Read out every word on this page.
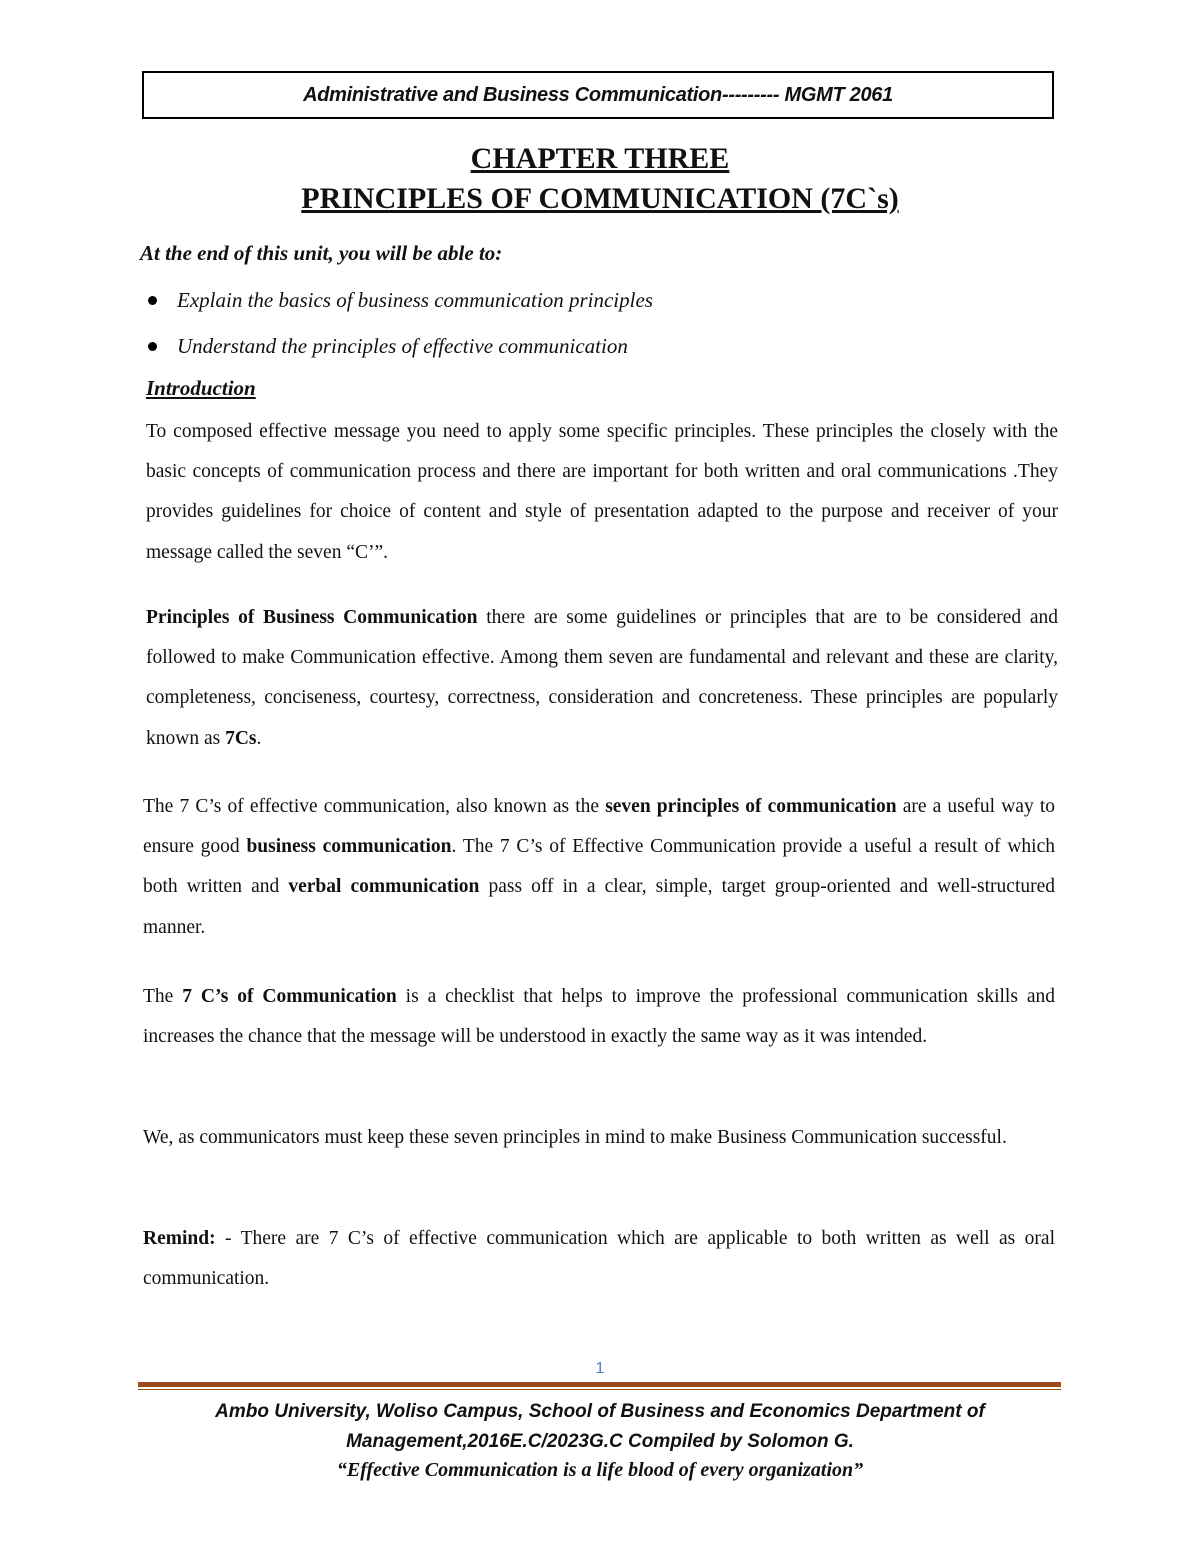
Administrative and Business Communication--------- MGMT 2061
CHAPTER THREE
PRINCIPLES OF COMMUNICATION (7C`s)
At the end of this unit, you will be able to:
Explain the basics of business communication principles
Understand the principles of effective communication
Introduction

To composed effective message you need to apply some specific principles. These principles the closely with the basic concepts of communication process and there are important for both written and oral communications .They provides guidelines for choice of content and style of presentation adapted to the purpose and receiver of your message called the seven “C’”.

Principles of Business Communication there are some guidelines or principles that are to be considered and followed to make Communication effective. Among them seven are fundamental and relevant and these are clarity, completeness, conciseness, courtesy, correctness, consideration and concreteness. These principles are popularly known as 7Cs.

The 7 C’s of effective communication, also known as the seven principles of communication are a useful way to ensure good business communication. The 7 C’s of Effective Communication provide a useful a result of which both written and verbal communication pass off in a clear, simple, target group-oriented and well-structured manner.

The 7 C’s of Communication is a checklist that helps to improve the professional communication skills and increases the chance that the message will be understood in exactly the same way as it was intended.

We, as communicators must keep these seven principles in mind to make Business Communication successful.

Remind: - There are 7 C’s of effective communication which are applicable to both written as well as oral communication.

1
Ambo University, Woliso Campus, School of Business and Economics Department of
Management,2016E.C/2023G.C Compiled by Solomon G.
“Effective Communication is a life blood of every organization”
